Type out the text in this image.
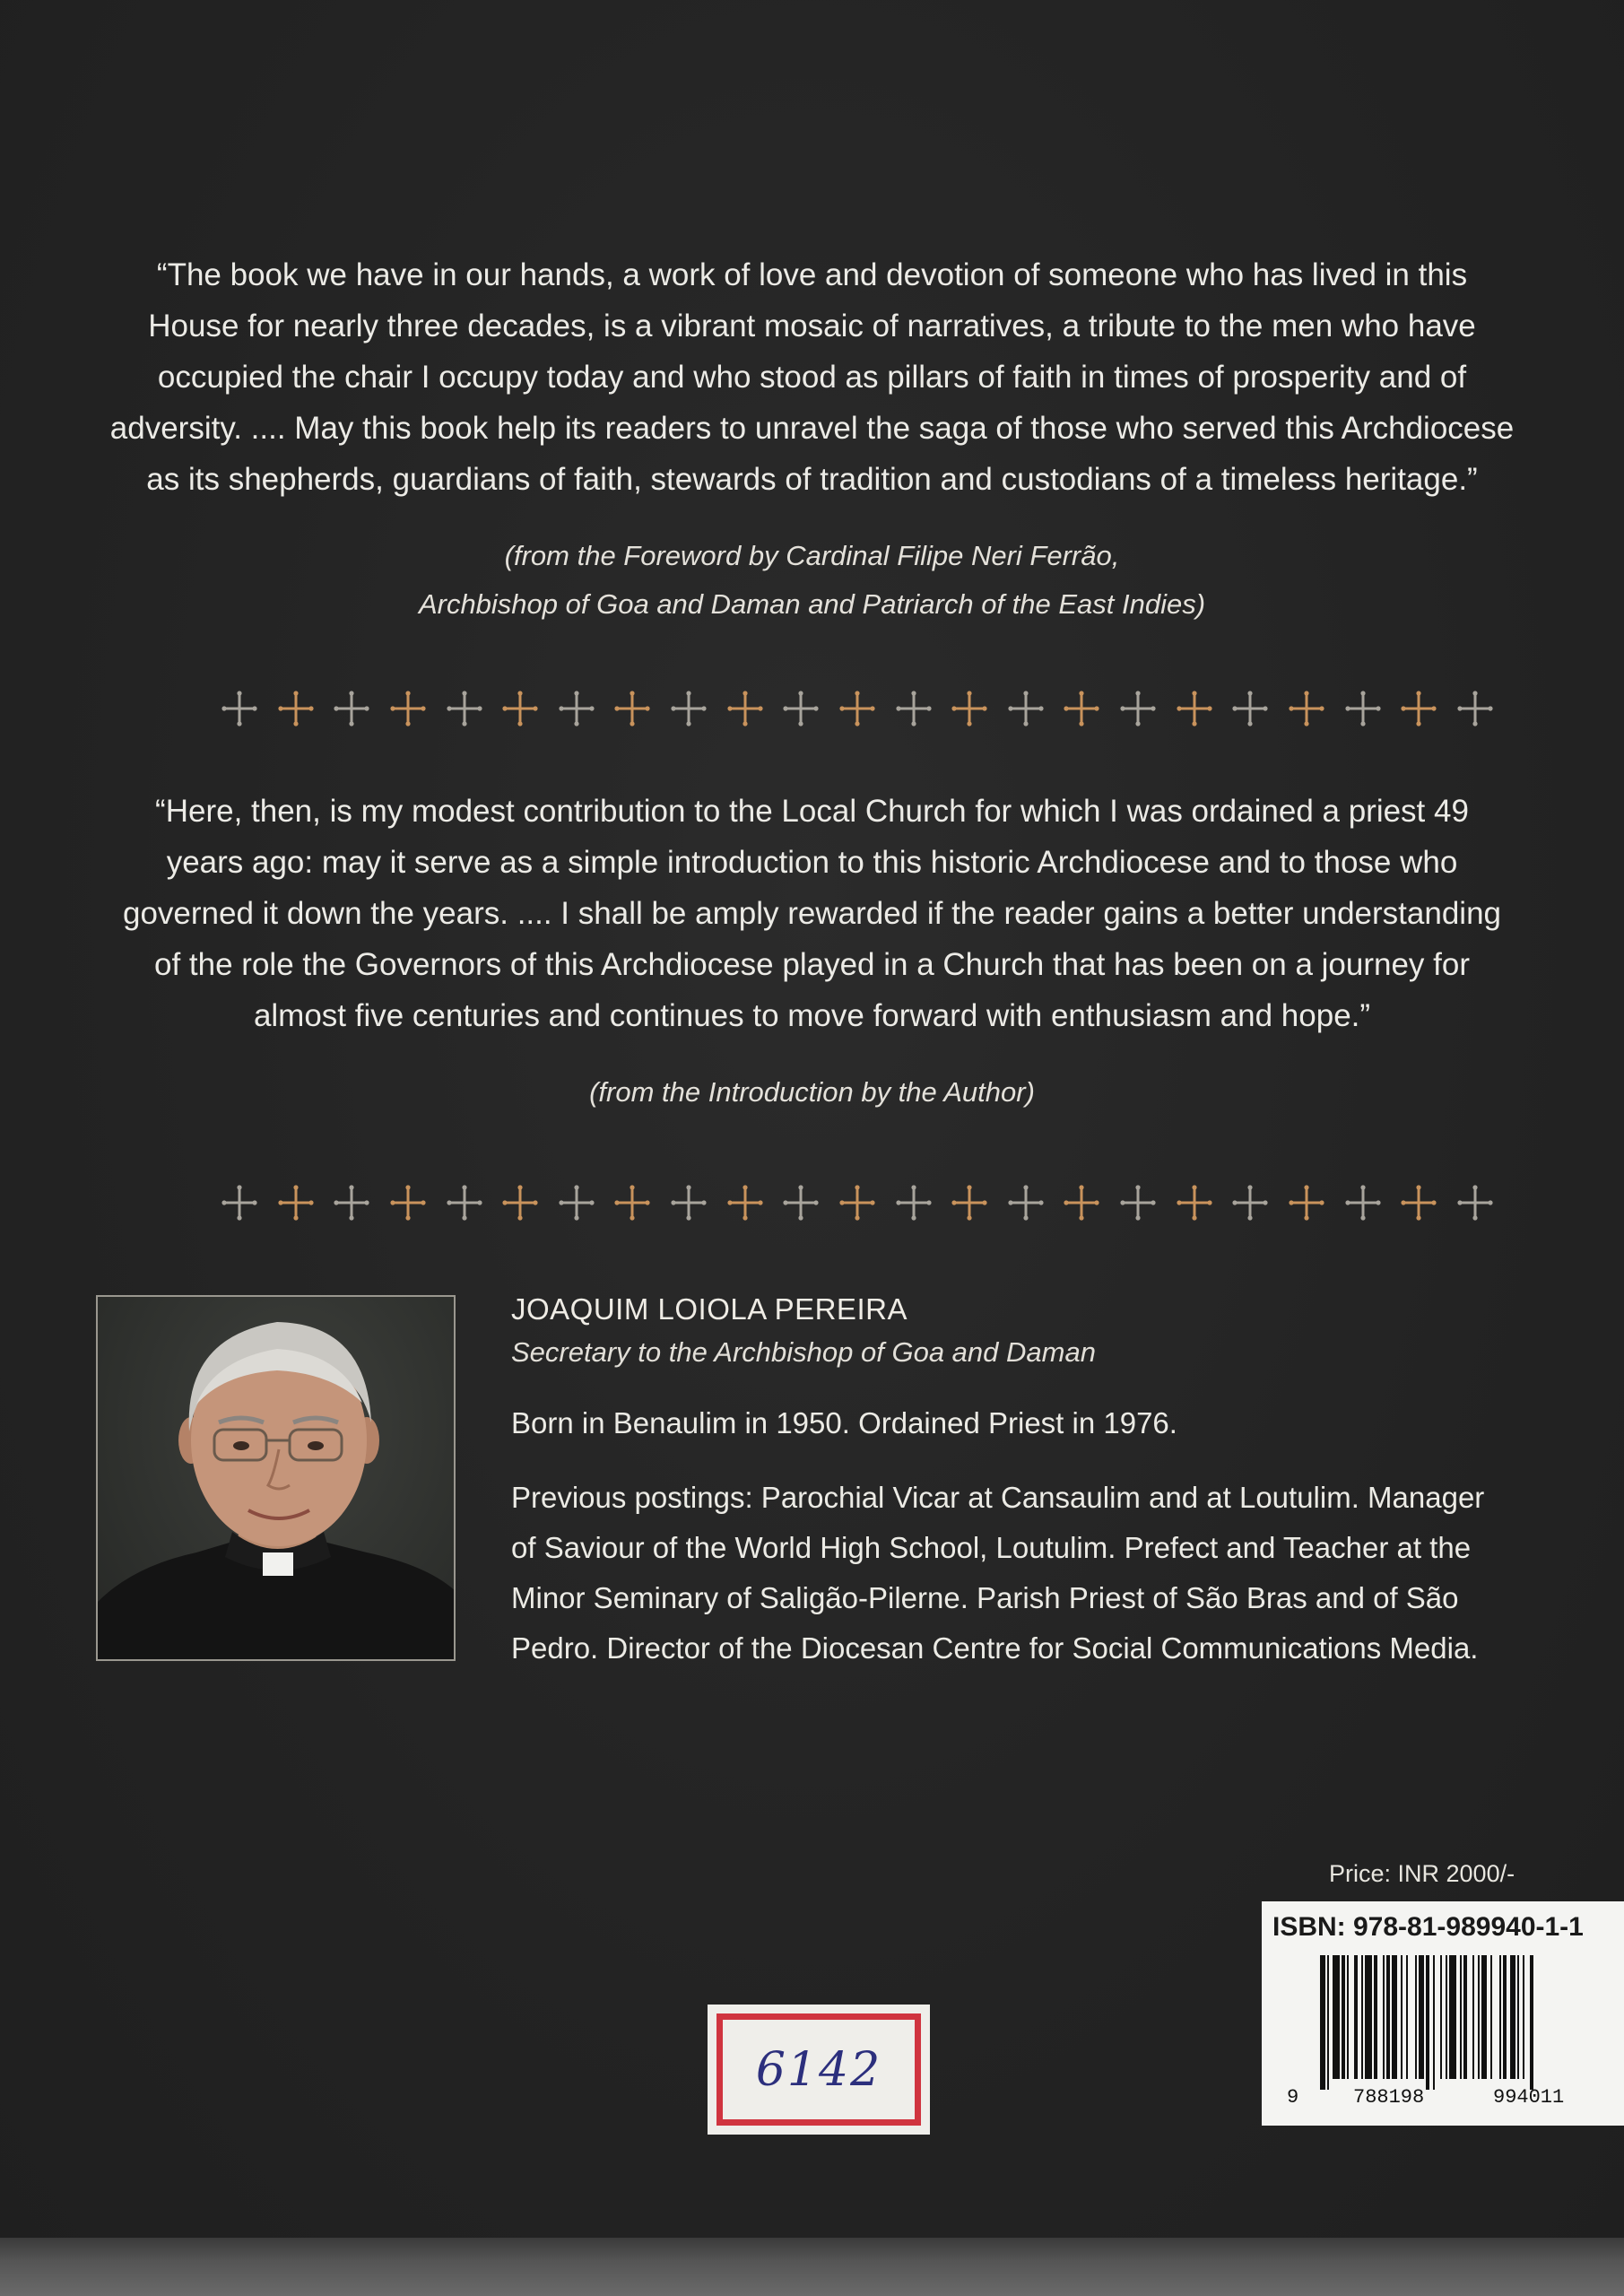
“The book we have in our hands, a work of love and devotion of someone who has lived in this
House for nearly three decades, is a vibrant mosaic of narratives, a tribute to the men who have
occupied the chair I occupy today and who stood as pillars of faith in times of prosperity and of
adversity. .... May this book help its readers to unravel the saga of those who served this Archdiocese
as its shepherds, guardians of faith, stewards of tradition and custodians of a timeless heritage.”
(from the Foreword by Cardinal Filipe Neri Ferrão,
Archbishop of Goa and Daman and Patriarch of the East Indies)
“Here, then, is my modest contribution to the Local Church for which I was ordained a priest 49
years ago: may it serve as a simple introduction to this historic Archdiocese and to those who
governed it down the years. .... I shall be amply rewarded if the reader gains a better understanding
of the role the Governors of this Archdiocese played in a Church that has been on a journey for
almost five centuries and continues to move forward with enthusiasm and hope.”
(from the Introduction by the Author)
JOAQUIM LOIOLA PEREIRA
Secretary to the Archbishop of Goa and Daman
Born in Benaulim in 1950. Ordained Priest in 1976.
Previous postings: Parochial Vicar at Cansaulim and at Loutulim. Manager
of Saviour of the World High School, Loutulim. Prefect and Teacher at the
Minor Seminary of Saligão-Pilerne. Parish Priest of São Bras and of São
Pedro. Director of the Diocesan Centre for Social Communications Media.
Price: INR 2000/-
ISBN: 978-81-989940-1-1
9	788198	994011
6142
